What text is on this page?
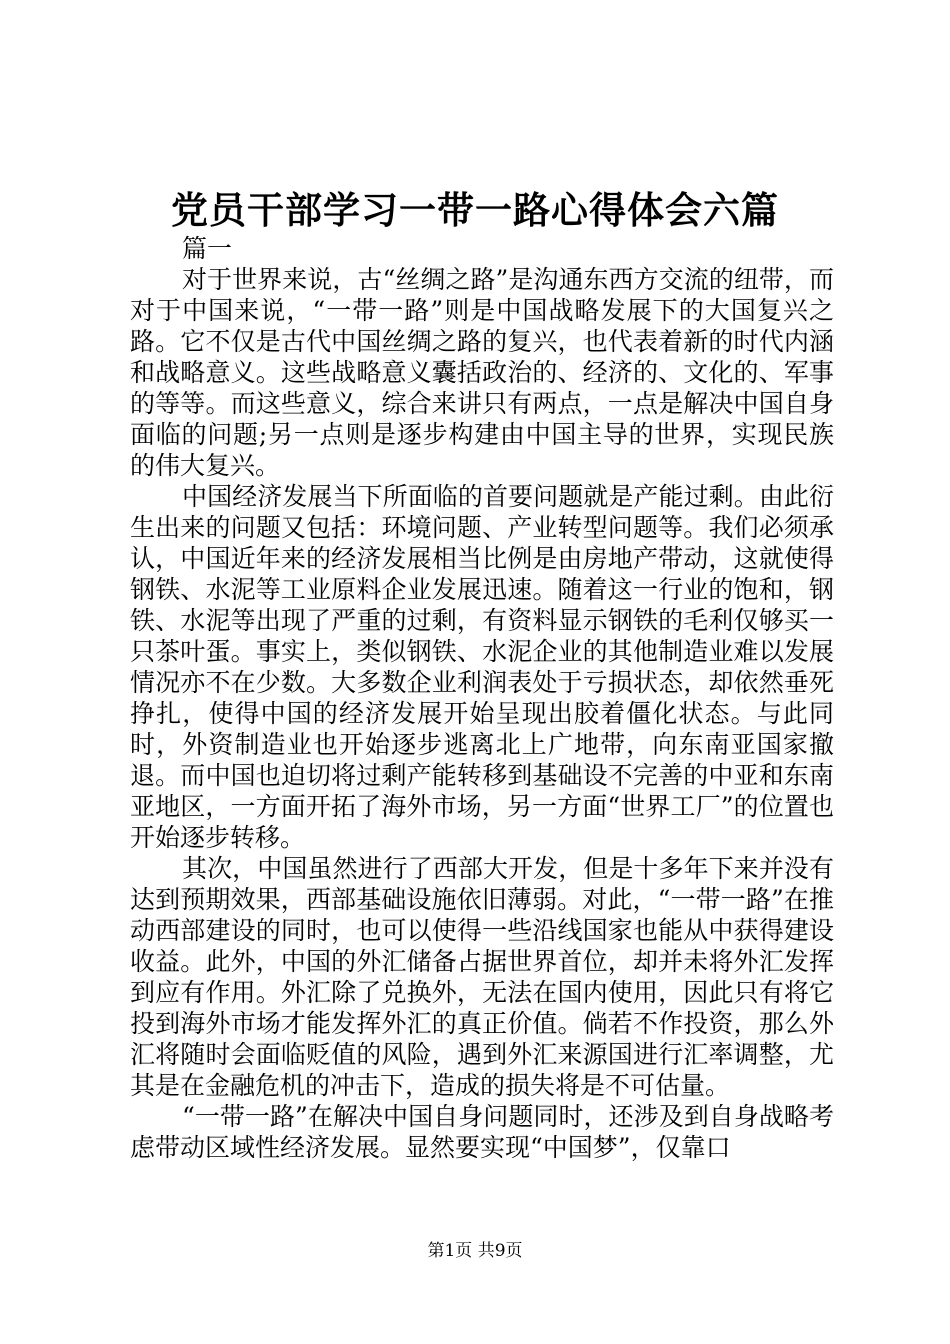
党员干部学习一带一路心得体会六篇

篇一

对于世界来说，古“丝绸之路”是沟通东西方交流的纽带，而对于中国来说，“一带一路”则是中国战略发展下的大国复兴之路。它不仅是古代中国丝绸之路的复兴，也代表着新的时代内涵和战略意义。这些战略意义囊括政治的、经济的、文化的、军事的等等。而这些意义，综合来讲只有两点，一点是解决中国自身面临的问题;另一点则是逐步构建由中国主导的世界，实现民族的伟大复兴。

中国经济发展当下所面临的首要问题就是产能过剩。由此衍生出来的问题又包括：环境问题、产业转型问题等。我们必须承认，中国近年来的经济发展相当比例是由房地产带动，这就使得钢铁、水泥等工业原料企业发展迅速。随着这一行业的饱和，钢铁、水泥等出现了严重的过剩，有资料显示钢铁的毛利仅够买一只茶叶蛋。事实上，类似钢铁、水泥企业的其他制造业难以发展情况亦不在少数。大多数企业利润表处于亏损状态，却依然垂死挣扎，使得中国的经济发展开始呈现出胶着僵化状态。与此同时，外资制造业也开始逐步逃离北上广地带，向东南亚国家撤退。而中国也迫切将过剩产能转移到基础设不完善的中亚和东南亚地区，一方面开拓了海外市场，另一方面“世界工厂”的位置也开始逐步转移。

其次，中国虽然进行了西部大开发，但是十多年下来并没有达到预期效果，西部基础设施依旧薄弱。对此，“一带一路”在推动西部建设的同时，也可以使得一些沿线国家也能从中获得建设收益。此外，中国的外汇储备占据世界首位，却并未将外汇发挥到应有作用。外汇除了兑换外，无法在国内使用，因此只有将它投到海外市场才能发挥外汇的真正价值。倘若不作投资，那么外汇将随时会面临贬值的风险，遇到外汇来源国进行汇率调整，尤其是在金融危机的冲击下，造成的损失将是不可估量。

“一带一路”在解决中国自身问题同时，还涉及到自身战略考虑带动区域性经济发展。显然要实现“中国梦”，仅靠口

第1页 共9页
